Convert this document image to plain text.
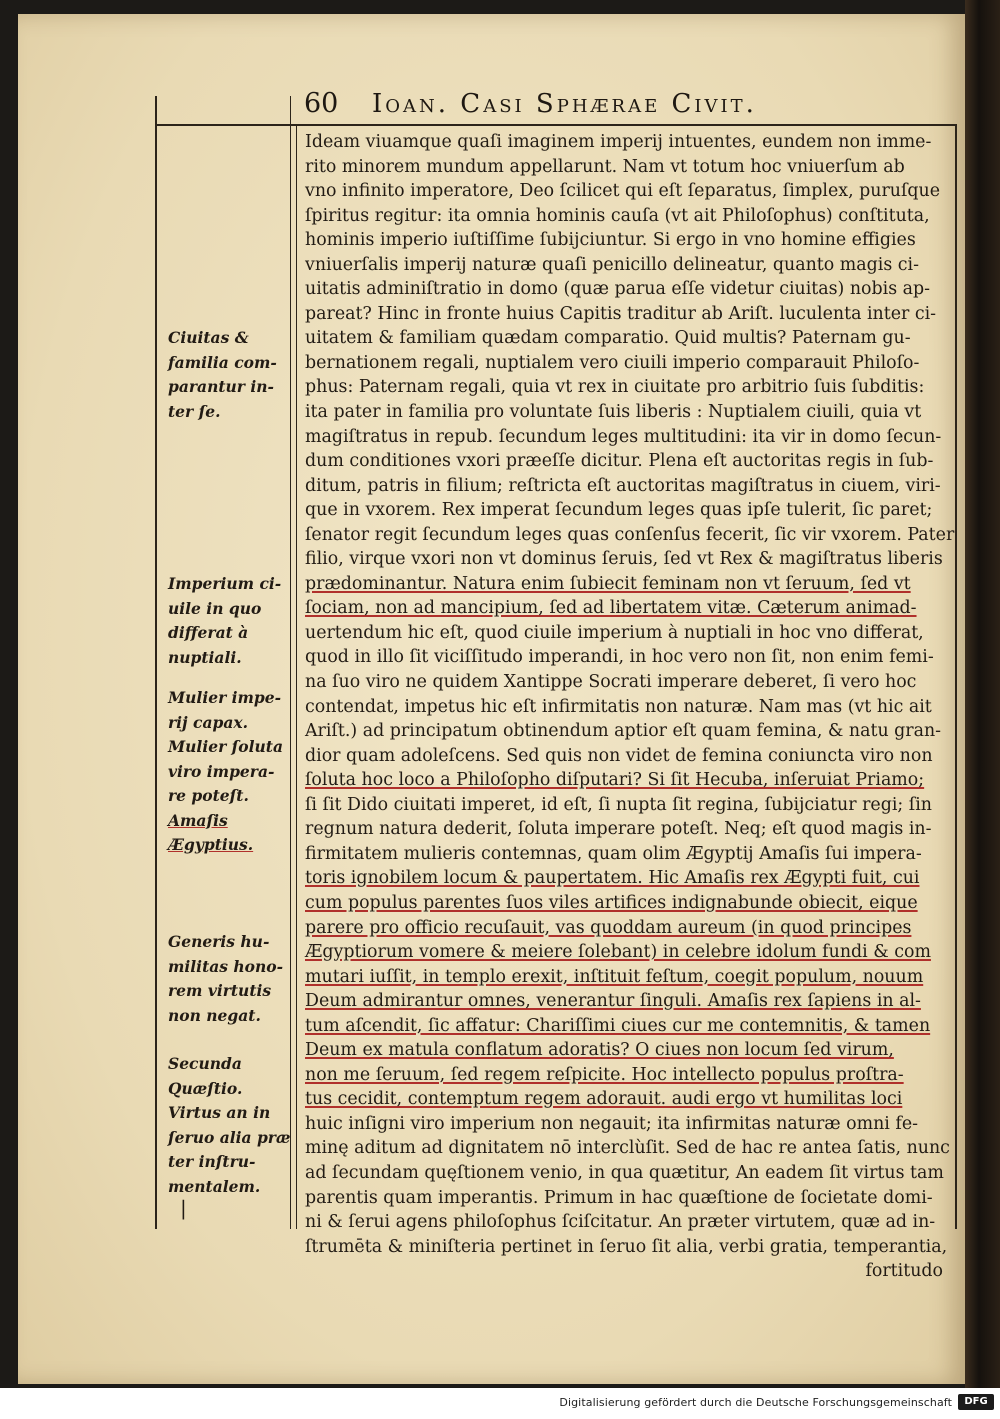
60	Ioan. Casi Sphærae Civit.
Ideam viuamque quaſi imaginem imperij intuentes, eundem non imme-
rito minorem mundum appellarunt. Nam vt totum hoc vniuerſum ab
vno infinito imperatore, Deo ſcilicet qui eſt ſeparatus, ſimplex, puruſque
ſpiritus regitur: ita omnia hominis cauſa (vt ait Philoſophus) conſtituta,
hominis imperio iuſtiſſime ſubijciuntur. Si ergo in vno homine effigies
vniuerſalis imperij naturæ quaſi penicillo delineatur, quanto magis ci-
uitatis adminiſtratio in domo (quæ parua eſſe videtur ciuitas) nobis ap-
pareat? Hinc in fronte huius Capitis traditur ab Ariſt. luculenta inter ci-
uitatem & familiam quædam comparatio. Quid multis? Paternam gu-
bernationem regali, nuptialem vero ciuili imperio comparauit Philoſo-
phus: Paternam regali, quia vt rex in ciuitate pro arbitrio ſuis ſubditis:
ita pater in familia pro voluntate ſuis liberis : Nuptialem ciuili, quia vt
magiſtratus in repub. ſecundum leges multitudini: ita vir in domo ſecun-
dum conditiones vxori præeſſe dicitur. Plena eſt auctoritas regis in ſub-
ditum, patris in filium; reſtricta eſt auctoritas magiſtratus in ciuem, viri-
que in vxorem. Rex imperat ſecundum leges quas ipſe tulerit, ſic paret;
ſenator regit ſecundum leges quas conſenſus fecerit, ſic vir vxorem. Pater
filio, virque vxori non vt dominus ſeruis, ſed vt Rex & magiſtratus liberis
prædominantur. Natura enim ſubiecit feminam non vt ſeruum, ſed vt
ſociam, non ad mancipium, ſed ad libertatem vitæ. Cæterum animad-
uertendum hic eſt, quod ciuile imperium à nuptiali in hoc vno differat,
quod in illo ſit viciſſitudo imperandi, in hoc vero non ſit, non enim femi-
na ſuo viro ne quidem Xantippe Socrati imperare deberet, ſi vero hoc
contendat, impetus hic eſt infirmitatis non naturæ. Nam mas (vt hic ait
Ariſt.) ad principatum obtinendum aptior eſt quam femina, & natu gran-
dior quam adoleſcens. Sed quis non videt de femina coniuncta viro non
ſoluta hoc loco a Philoſopho diſputari? Si ſit Hecuba, inſeruiat Priamo;
ſi ſit Dido ciuitati imperet, id eſt, ſi nupta ſit regina, ſubijciatur regi; ſin
regnum natura dederit, ſoluta imperare poteſt. Neq; eſt quod magis in-
firmitatem mulieris contemnas, quam olim Ægyptij Amaſis ſui impera-
toris ignobilem locum & paupertatem. Hic Amaſis rex Ægypti fuit, cui
cum populus parentes ſuos viles artifices indignabunde obiecit, eique
parere pro officio recuſauit, vas quoddam aureum (in quod principes
Ægyptiorum vomere & meiere ſolebant) in celebre idolum fundi & com
mutari iuſſit, in templo erexit, inſtituit feſtum, coegit populum, nouum
Deum admirantur omnes, venerantur ſinguli. Amaſis rex ſapiens in al-
tum aſcendit, ſic affatur: Chariſſimi ciues cur me contemnitis, & tamen
Deum ex matula conflatum adoratis? O ciues non locum ſed virum,
non me ſeruum, ſed regem reſpicite. Hoc intellecto populus proſtra-
tus cecidit, contemptum regem adorauit. audi ergo vt humilitas loci
huic inſigni viro imperium non negauit; ita infirmitas naturæ omni fe-
minę aditum ad dignitatem nō interclùſit. Sed de hac re antea ſatis, nunc
ad ſecundam quęſtionem venio, in qua quætitur, An eadem ſit virtus tam
parentis quam imperantis. Primum in hac quæſtione de ſocietate domi-
ni & ſerui agens philoſophus ſciſcitatur. An præter virtutem, quæ ad in-
ſtrumēta & miniſteria pertinet in ſeruo ſit alia, verbi gratia, temperantia,
fortitudo
Ciuitas &
familia com-
parantur in-
ter ſe.
Imperium ci-
uile in quo
differat à
nuptiali.
Mulier impe-
rij capax.
Mulier ſoluta
viro impera-
re poteſt.
Amaſis
Ægyptius.
Generis hu-
militas hono-
rem virtutis
non negat.
Secunda
Quæſtio.
Virtus an in
ſeruo alia præ
ter inſtru-
mentalem.
|
Digitalisierung gefördert durch die Deutsche Forschungsgemeinschaft	DFG
